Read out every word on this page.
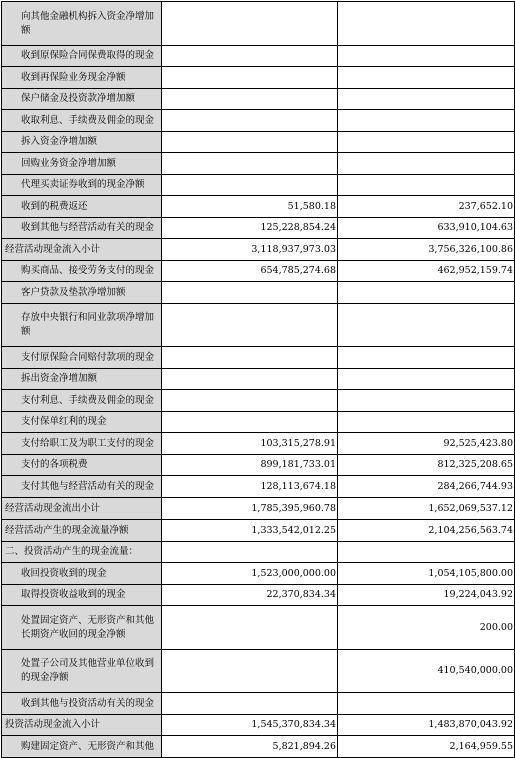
向其他金融机构拆入资金净增加额		
收到原保险合同保费取得的现金		
收到再保险业务现金净额		
保户储金及投资款净增加额		
收取利息、手续费及佣金的现金		
拆入资金净增加额		
回购业务资金净增加额		
代理买卖证券收到的现金净额		
收到的税费返还	51,580.18	237,652.10
收到其他与经营活动有关的现金	125,228,854.24	633,910,104.63
经营活动现金流入小计	3,118,937,973.03	3,756,326,100.86
购买商品、接受劳务支付的现金	654,785,274.68	462,952,159.74
客户贷款及垫款净增加额		
存放中央银行和同业款项净增加额		
支付原保险合同赔付款项的现金		
拆出资金净增加额		
支付利息、手续费及佣金的现金		
支付保单红利的现金		
支付给职工及为职工支付的现金	103,315,278.91	92,525,423.80
支付的各项税费	899,181,733.01	812,325,208.65
支付其他与经营活动有关的现金	128,113,674.18	284,266,744.93
经营活动现金流出小计	1,785,395,960.78	1,652,069,537.12
经营活动产生的现金流量净额	1,333,542,012.25	2,104,256,563.74
二、投资活动产生的现金流量：		
收回投资收到的现金	1,523,000,000.00	1,054,105,800.00
取得投资收益收到的现金	22,370,834.34	19,224,043.92
处置固定资产、无形资产和其他长期资产收回的现金净额		200.00
处置子公司及其他营业单位收到的现金净额		410,540,000.00
收到其他与投资活动有关的现金		
投资活动现金流入小计	1,545,370,834.34	1,483,870,043.92
购建固定资产、无形资产和其他	5,821,894.26	2,164,959.55
